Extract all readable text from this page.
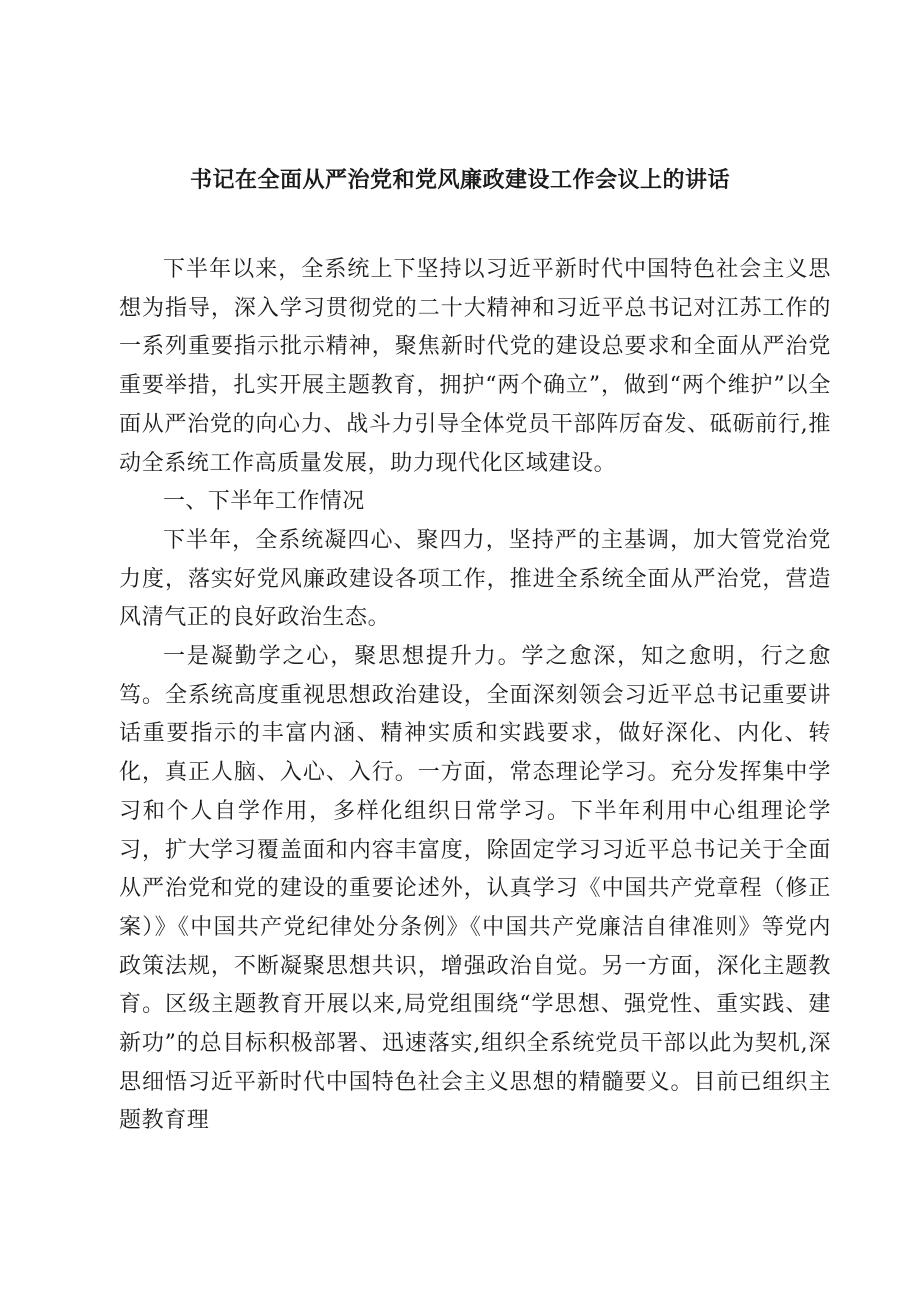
书记在全面从严治党和党风廉政建设工作会议上的讲话

下半年以来，全系统上下坚持以习近平新时代中国特色社会主义思想为指导，深入学习贯彻党的二十大精神和习近平总书记对江苏工作的一系列重要指示批示精神，聚焦新时代党的建设总要求和全面从严治党重要举措，扎实开展主题教育，拥护“两个确立”，做到“两个维护”以全面从严治党的向心力、战斗力引导全体党员干部阵厉奋发、砥砺前行,推动全系统工作高质量发展，助力现代化区域建设。

一、下半年工作情况

下半年，全系统凝四心、聚四力，坚持严的主基调，加大管党治党力度，落实好党风廉政建设各项工作，推进全系统全面从严治党，营造风清气正的良好政治生态。

一是凝勤学之心，聚思想提升力。学之愈深，知之愈明，行之愈笃。全系统高度重视思想政治建设，全面深刻领会习近平总书记重要讲话重要指示的丰富内涵、精神实质和实践要求，做好深化、内化、转化，真正人脑、入心、入行。一方面，常态理论学习。充分发挥集中学习和个人自学作用，多样化组织日常学习。下半年利用中心组理论学习，扩大学习覆盖面和内容丰富度，除固定学习习近平总书记关于全面从严治党和党的建设的重要论述外，认真学习《中国共产党章程（修正案）》《中国共产党纪律处分条例》《中国共产党廉洁自律准则》等党内政策法规，不断凝聚思想共识，增强政治自觉。另一方面，深化主题教育。区级主题教育开展以来,局党组围绕“学思想、强党性、重实践、建新功”的总目标积极部署、迅速落实,组织全系统党员干部以此为契机,深思细悟习近平新时代中国特色社会主义思想的精髓要义。目前已组织主题教育理
